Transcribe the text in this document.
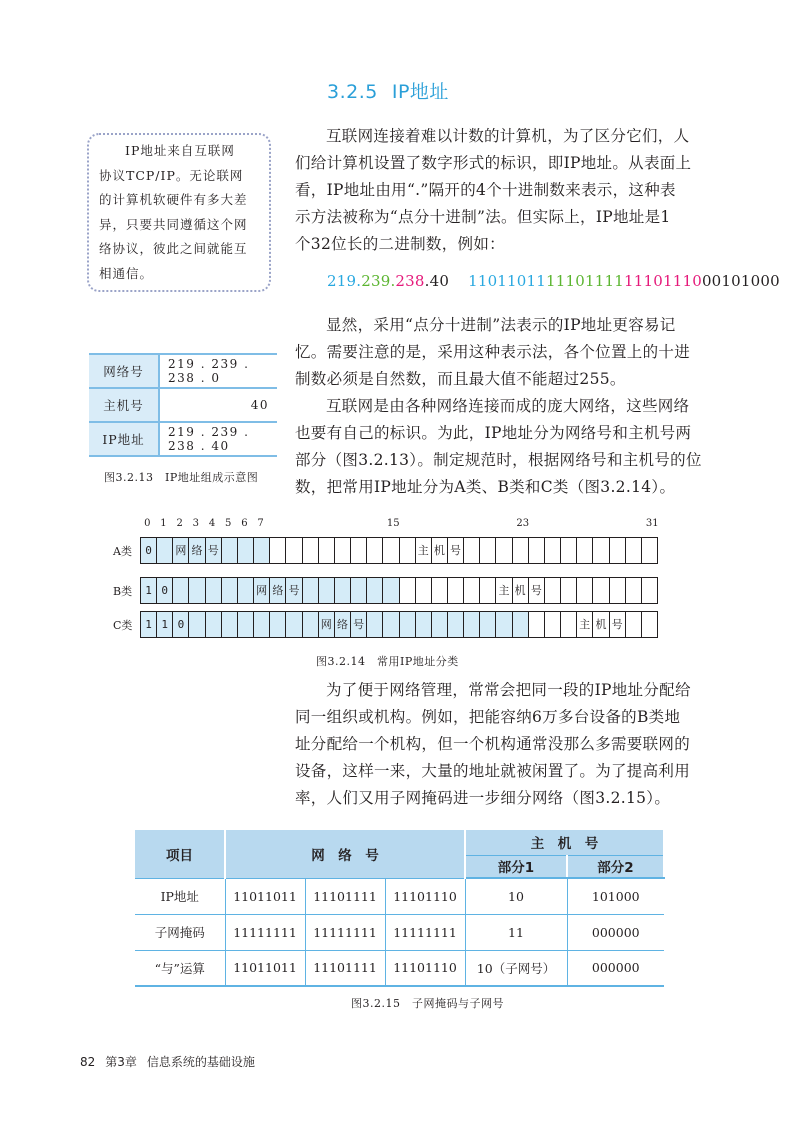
3.2.5 IP地址
IP地址来自互联网
协议TCP/IP。无论联网
的计算机软硬件有多大差
异，只要共同遵循这个网
络协议，彼此之间就能互
相通信。
互联网连接着难以计数的计算机，为了区分它们，人
们给计算机设置了数字形式的标识，即IP地址。从表面上
看，IP地址由用“.”隔开的4个十进制数来表示，这种表
示方法被称为“点分十进制”法。但实际上，IP地址是1
个32位长的二进制数，例如：
219.239.238.40 11011011111011111110111000101000
显然，采用“点分十进制”法表示的IP地址更容易记
忆。需要注意的是，采用这种表示法，各个位置上的十进
制数必须是自然数，而且最大值不能超过255。
互联网是由各种网络连接而成的庞大网络，这些网络
也要有自己的标识。为此，IP地址分为网络号和主机号两
部分（图3.2.13）。制定规范时，根据网络号和主机号的位
数，把常用IP地址分为A类、B类和C类（图3.2.14）。
网络号	219 . 239 . 238 . 0
主机号	40
IP地址	219 . 239 . 238 . 40
图3.2.13　IP地址组成示意图
0 1 2 3 4 5 6 7	15	23	31
A类	0	网 络 号	主 机 号
B类	1 0	网 络 号	主 机 号
C类	1 1 0	网 络 号	主 机 号
图3.2.14　常用IP地址分类
为了便于网络管理，常常会把同一段的IP地址分配给
同一组织或机构。例如，把能容纳6万多台设备的B类地
址分配给一个机构，但一个机构通常没那么多需要联网的
设备，这样一来，大量的地址就被闲置了。为了提高利用
率，人们又用子网掩码进一步细分网络（图3.2.15）。
项目	网　络　号			主　机　号	
				部分1	部分2
IP地址	11011011	11101111	11101110	10	101000
子网掩码	11111111	11111111	11111111	11	000000
“与”运算	11011011	11101111	11101110	10（子网号）	000000
图3.2.15　子网掩码与子网号
82 第3章 信息系统的基础设施
